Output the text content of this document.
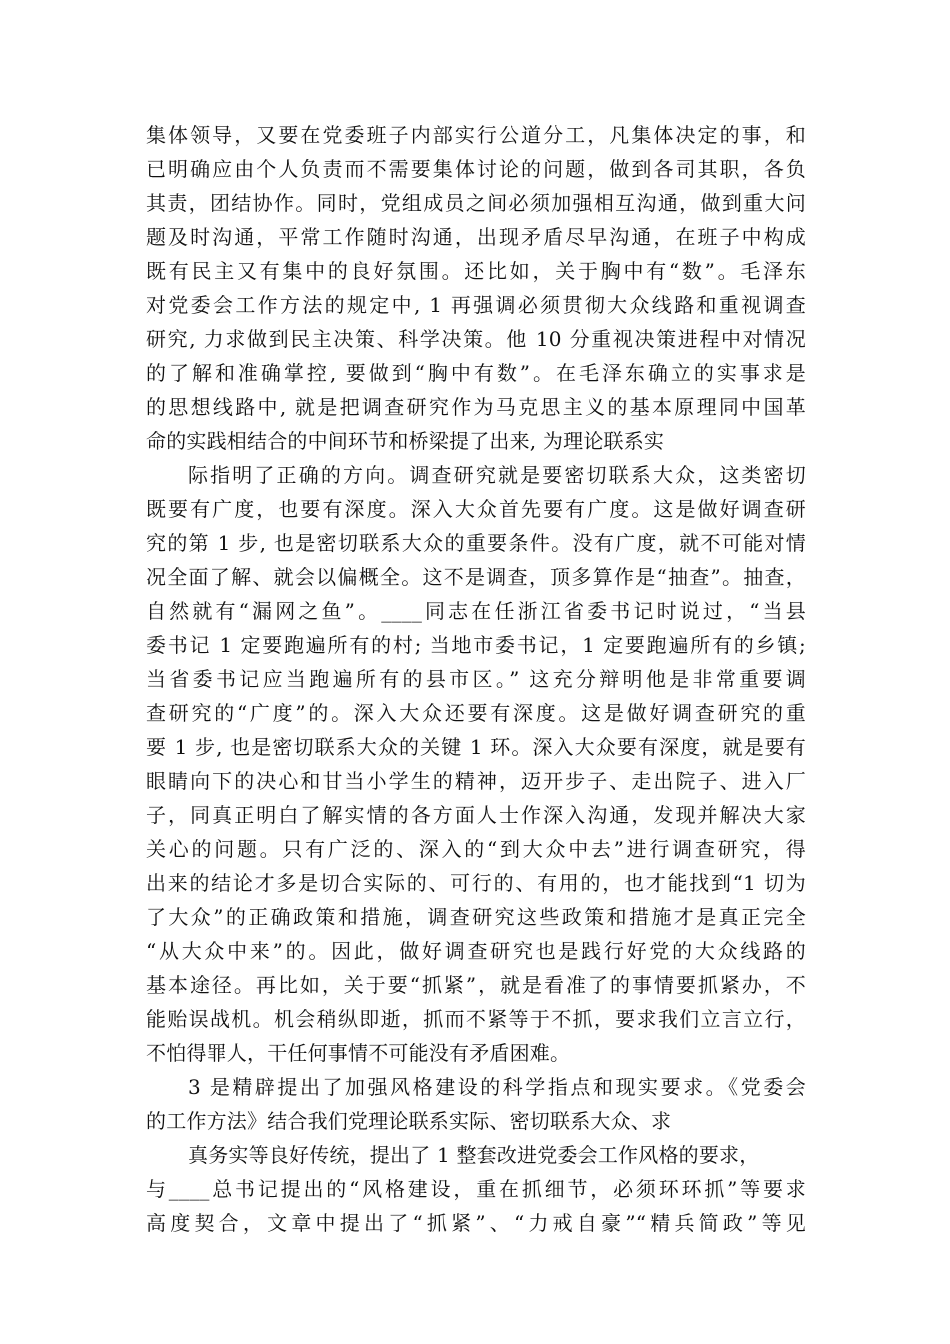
集体领导，又要在党委班子内部实行公道分工，凡集体决定的事，和
已明确应由个人负责而不需要集体讨论的问题，做到各司其职，各负
其责，团结协作。同时，党组成员之间必须加强相互沟通，做到重大问
题及时沟通，平常工作随时沟通，出现矛盾尽早沟通，在班子中构成
既有民主又有集中的良好氛围。还比如，关于胸中有“数”。毛泽东
对党委会工作方法的规定中, 1 再强调必须贯彻大众线路和重视调查
研究, 力求做到民主决策、科学决策。他 10 分重视决策进程中对情况
的了解和准确掌控, 要做到“胸中有数”。在毛泽东确立的实事求是
的思想线路中, 就是把调查研究作为马克思主义的基本原理同中国革
命的实践相结合的中间环节和桥梁提了出来, 为理论联系实
际指明了正确的方向。调查研究就是要密切联系大众，这类密切
既要有广度，也要有深度。深入大众首先要有广度。这是做好调查研
究的第 1 步, 也是密切联系大众的重要条件。没有广度，就不可能对情
况全面了解、就会以偏概全。这不是调查，顶多算作是“抽查”。抽查，
自然就有“漏网之鱼”。____同志在任浙江省委书记时说过，“当县
委书记 1 定要跑遍所有的村; 当地市委书记，1 定要跑遍所有的乡镇;
当省委书记应当跑遍所有的县市区。” 这充分辩明他是非常重要调
查研究的“广度”的。深入大众还要有深度。这是做好调查研究的重
要 1 步, 也是密切联系大众的关键 1 环。深入大众要有深度，就是要有
眼睛向下的决心和甘当小学生的精神，迈开步子、走出院子、进入厂
子，同真正明白了解实情的各方面人士作深入沟通，发现并解决大家
关心的问题。只有广泛的、深入的“到大众中去”进行调查研究，得
出来的结论才多是切合实际的、可行的、有用的，也才能找到“1 切为
了大众”的正确政策和措施，调查研究这些政策和措施才是真正完全
“从大众中来”的。因此，做好调查研究也是践行好党的大众线路的
基本途径。再比如，关于要“抓紧”，就是看准了的事情要抓紧办，不
能贻误战机。机会稍纵即逝，抓而不紧等于不抓，要求我们立言立行，
不怕得罪人，干任何事情不可能没有矛盾困难。
3 是精辟提出了加强风格建设的科学指点和现实要求。《党委会
的工作方法》结合我们党理论联系实际、密切联系大众、求
真务实等良好传统，提出了 1 整套改进党委会工作风格的要求，
与____总书记提出的“风格建设，重在抓细节，必须环环抓”等要求
高度契合，文章中提出了“抓紧”、“力戒自豪”“精兵简政”等见
